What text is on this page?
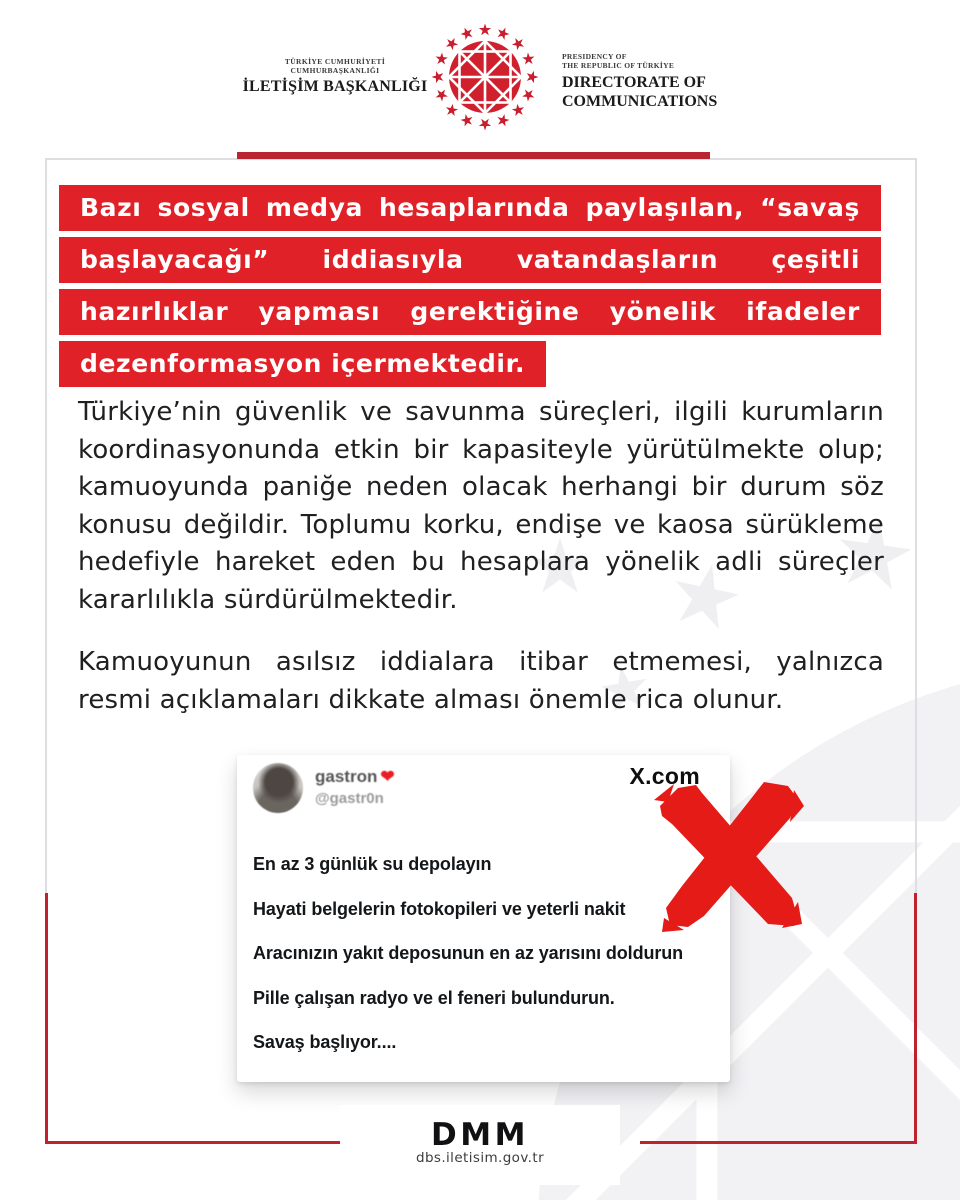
TÜRKİYE CUMHURİYETİ CUMHURBAŞKANLIĞI
İLETİŞİM BAŞKANLIĞI
PRESIDENCY OF
THE REPUBLIC OF TÜRKİYE
DIRECTORATE OF
COMMUNICATIONS
Bazı sosyal medya hesaplarında paylaşılan, “savaş
başlayacağı” iddiasıyla vatandaşların çeşitli
hazırlıklar yapması gerektiğine yönelik ifadeler
dezenformasyon içermektedir.
Türkiye’nin güvenlik ve savunma süreçleri, ilgili kurumların koordinasyonunda etkin bir kapasiteyle yürütülmekte olup; kamuoyunda paniğe neden olacak herhangi bir durum söz konusu değildir. Toplumu korku, endişe ve kaosa sürükleme hedefiyle hareket eden bu hesaplara yönelik adli süreçler kararlılıkla sürdürülmektedir.
Kamuoyunun asılsız iddialara itibar etmemesi, yalnızca resmi açıklamaları dikkate alması önemle rica olunur.
gastron ❤
@gastr0n
X.com
En az 3 günlük su depolayın
Hayati belgelerin fotokopileri ve yeterli nakit
Aracınızın yakıt deposunun en az yarısını doldurun
Pille çalışan radyo ve el feneri bulundurun.
Savaş başlıyor....
DMM
dbs.iletisim.gov.tr
